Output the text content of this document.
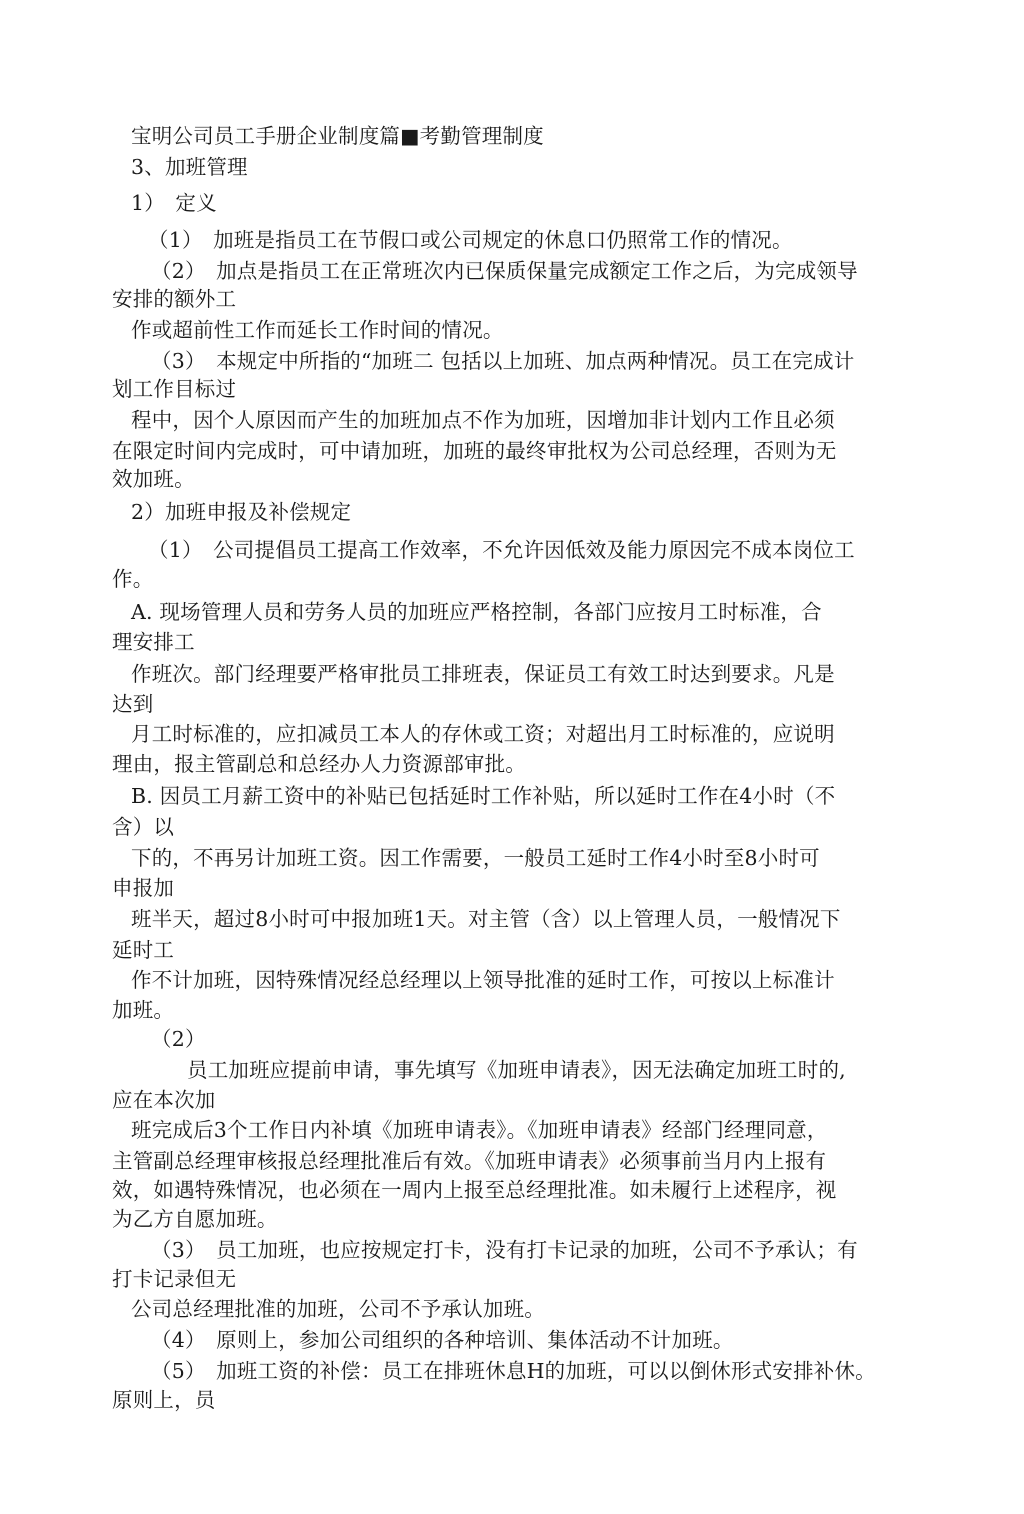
宝明公司员工手册企业制度篇■考勤管理制度
3、加班管理
1）　定义
（1）　加班是指员工在节假口或公司规定的休息口仍照常工作的情况。
（2）　加点是指员工在正常班次内已保质保量完成额定工作之后，为完成领导
安排的额外工
作或超前性工作而延长工作时间的情况。
（3）　本规定中所指的“加班二 包括以上加班、加点两种情况。员工在完成计
划工作目标过
程中，因个人原因而产生的加班加点不作为加班，因增加非计划内工作且必须
在限定时间内完成时，可中请加班，加班的最终审批权为公司总经理，否则为无
效加班。
2）加班申报及补偿规定
（1）　公司提倡员工提高工作效率，不允许因低效及能力原因完不成本岗位工
作。
A. 现场管理人员和劳务人员的加班应严格控制，各部门应按月工时标准，合
理安排工
作班次。部门经理要严格审批员工排班表，保证员工有效工时达到要求。凡是
达到
月工时标准的，应扣减员工本人的存休或工资；对超出月工时标准的，应说明
理由，报主管副总和总经办人力资源部审批。
B. 因员工月薪工资中的补贴已包括延时工作补贴，所以延时工作在4小时（不
含）以
下的，不再另计加班工资。因工作需要，一般员工延时工作4小时至8小时可
申报加
班半天，超过8小时可中报加班1天。对主管（含）以上管理人员，一般情况下
延时工
作不计加班，因特殊情况经总经理以上领导批准的延时工作，可按以上标准计
加班。
（2）
员工加班应提前申请，事先填写《加班申请表》，因无法确定加班工时的,
应在本次加
班完成后3个工作日内补填《加班申请表》。《加班申请表》经部门经理同意，
主管副总经理审核报总经理批准后有效。《加班申请表》必须事前当月内上报有
效，如遇特殊情况，也必须在一周内上报至总经理批准。如未履行上述程序，视
为乙方自愿加班。
（3）　员工加班，也应按规定打卡，没有打卡记录的加班，公司不予承认；有
打卡记录但无
公司总经理批准的加班，公司不予承认加班。
（4）　原则上，参加公司组织的各种培训、集体活动不计加班。
（5）　加班工资的补偿：员工在排班休息H的加班，可以以倒休形式安排补休。
原则上，员
